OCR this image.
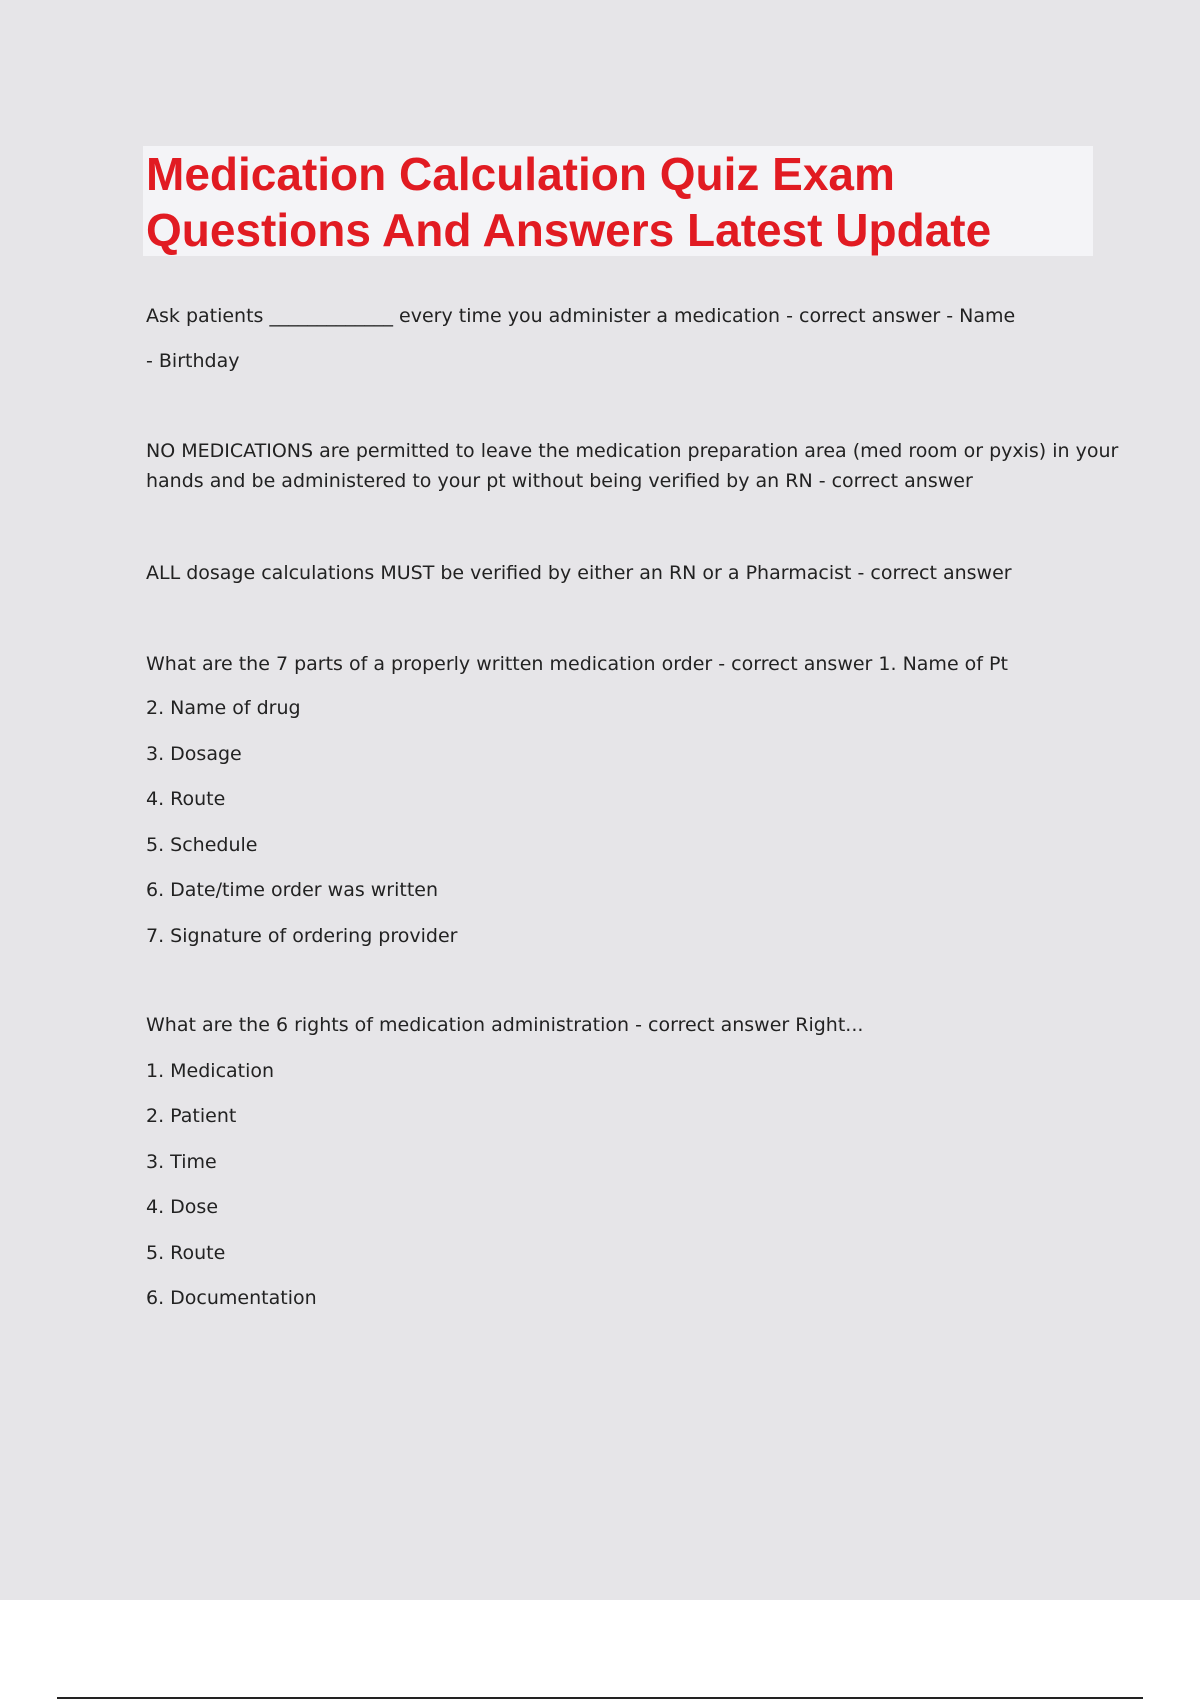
Medication Calculation Quiz Exam
Questions And Answers Latest Update

Ask patients _____________ every time you administer a medication - correct answer - Name

- Birthday

NO MEDICATIONS are permitted to leave the medication preparation area (med room or pyxis) in your

hands and be administered to your pt without being verified by an RN - correct answer

ALL dosage calculations MUST be verified by either an RN or a Pharmacist - correct answer

What are the 7 parts of a properly written medication order - correct answer 1. Name of Pt

2. Name of drug

3. Dosage

4. Route

5. Schedule

6. Date/time order was written

7. Signature of ordering provider

What are the 6 rights of medication administration - correct answer Right...

1. Medication

2. Patient

3. Time

4. Dose

5. Route

6. Documentation
